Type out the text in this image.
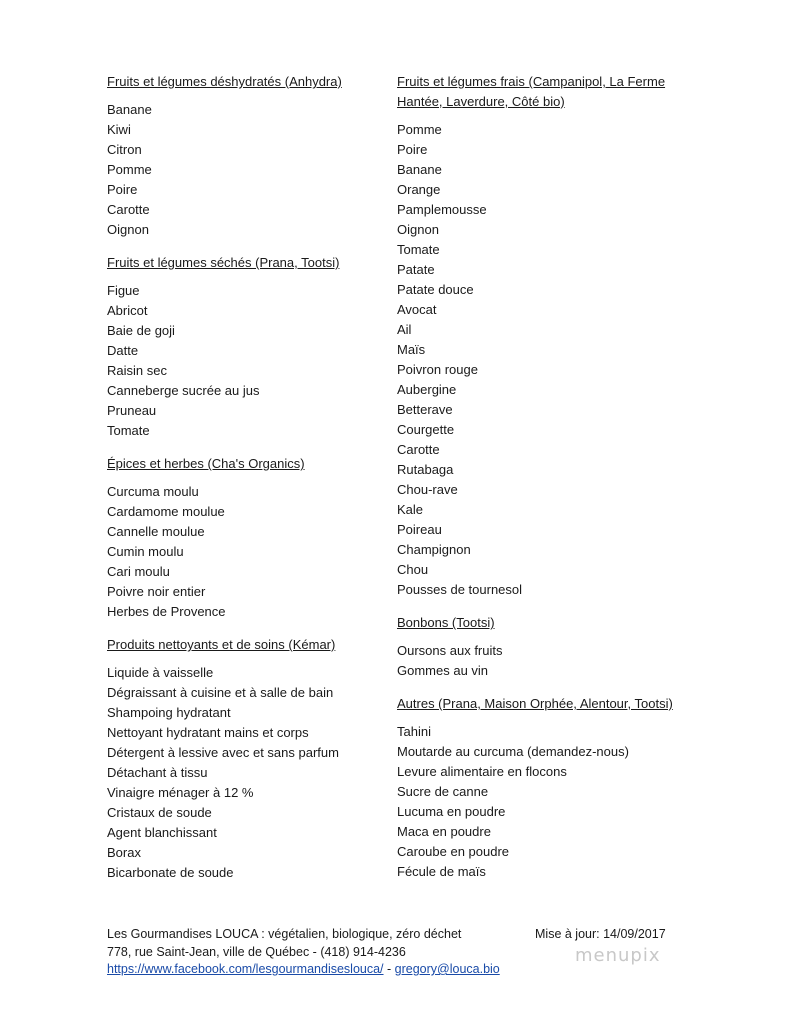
Fruits et légumes déshydratés (Anhydra)
Banane
Kiwi
Citron
Pomme
Poire
Carotte
Oignon
Fruits et légumes séchés (Prana, Tootsi)
Figue
Abricot
Baie de goji
Datte
Raisin sec
Canneberge sucrée au jus
Pruneau
Tomate
Épices et herbes (Cha's Organics)
Curcuma moulu
Cardamome moulue
Cannelle moulue
Cumin moulu
Cari moulu
Poivre noir entier
Herbes de Provence
Produits nettoyants et de soins (Kémar)
Liquide à vaisselle
Dégraissant à cuisine et à salle de bain
Shampoing hydratant
Nettoyant hydratant mains et corps
Détergent à lessive avec et sans parfum
Détachant à tissu
Vinaigre ménager à 12 %
Cristaux de soude
Agent blanchissant
Borax
Bicarbonate de soude
Fruits et légumes frais (Campanipol, La Ferme Hantée, Laverdure, Côté bio)
Pomme
Poire
Banane
Orange
Pamplemousse
Oignon
Tomate
Patate
Patate douce
Avocat
Ail
Maïs
Poivron rouge
Aubergine
Betterave
Courgette
Carotte
Rutabaga
Chou-rave
Kale
Poireau
Champignon
Chou
Pousses de tournesol
Bonbons (Tootsi)
Oursons aux fruits
Gommes au vin
Autres (Prana, Maison Orphée, Alentour, Tootsi)
Tahini
Moutarde au curcuma (demandez-nous)
Levure alimentaire en flocons
Sucre de canne
Lucuma en poudre
Maca en poudre
Caroube en poudre
Fécule de maïs
Les Gourmandises LOUCA : végétalien, biologique, zéro déchet	Mise à jour: 14/09/2017
778, rue Saint-Jean, ville de Québec - (418) 914-4236
https://www.facebook.com/lesgourmandiseslouca/ - gregory@louca.bio
menupix
